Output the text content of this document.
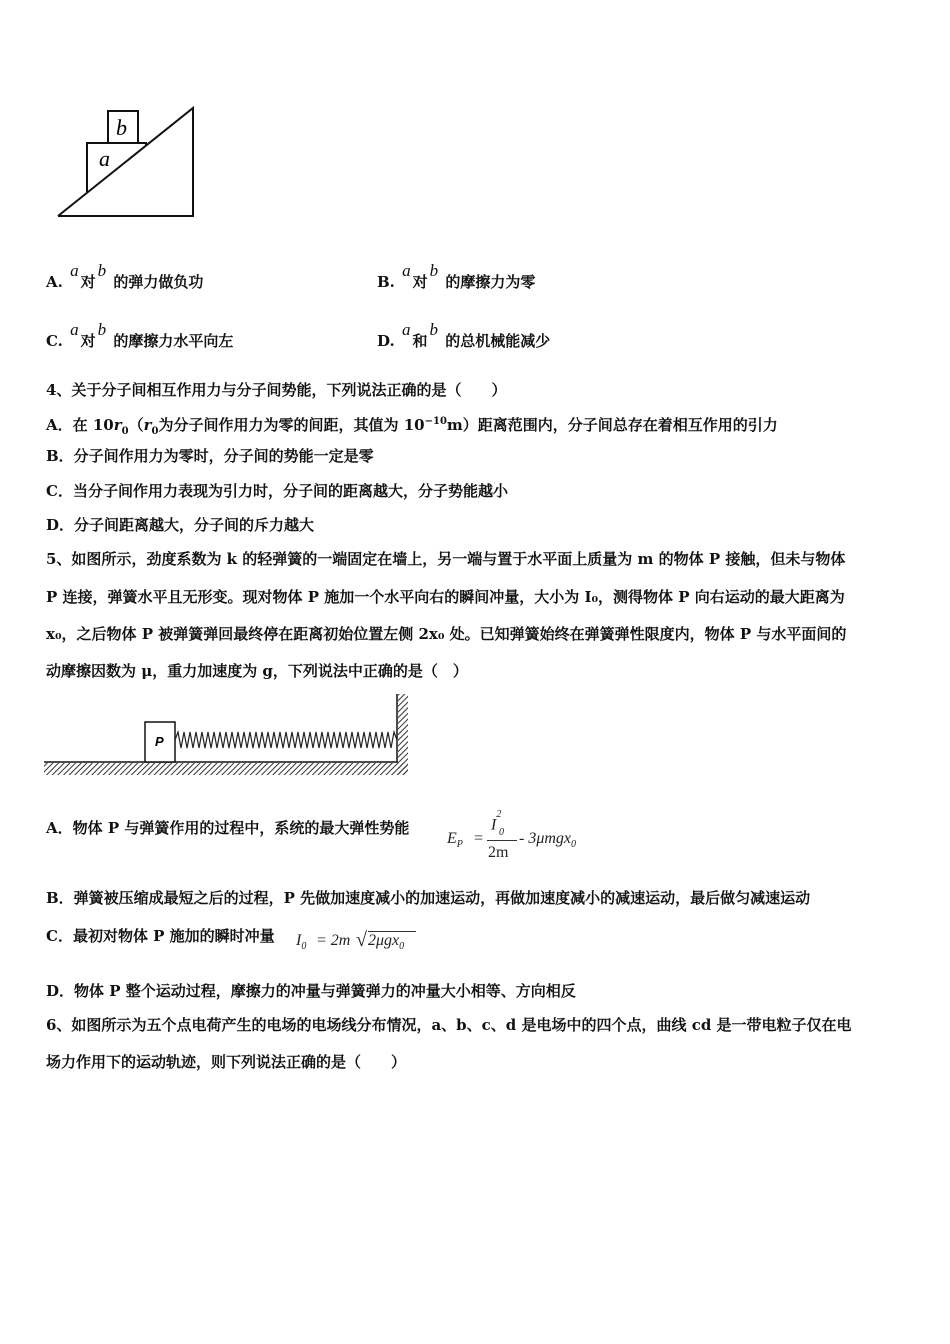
b
a
A. a对b 的弹力做负功	B. a对b 的摩擦力为零
C. a对b 的摩擦力水平向左	D. a和b 的总机械能减少
4、关于分子间相互作用力与分子间势能，下列说法正确的是（　　）
A．在 $10r_0(r_0$为分子间作用力为零的间距，其值为 $10^{-10}m$）距离范围内，分子间总存在着相互作用的引力
B．分子间作用力为零时，分子间的势能一定是零
C．当分子间作用力表现为引力时，分子间的距离越大，分子势能越小
D．分子间距离越大，分子间的斥力越大
5、如图所示，劲度系数为 k 的轻弹簧的一端固定在墙上，另一端与置于水平面上质量为 m 的物体 P 接触，但未与物体
P 连接，弹簧水平且无形变。现对物体 P 施加一个水平向右的瞬间冲量，大小为 I₀，测得物体 P 向右运动的最大距离为
x₀，之后物体 P 被弹簧弹回最终停在距离初始位置左侧 2x₀ 处。已知弹簧始终在弹簧弹性限度内，物体 P 与水平面间的
动摩擦因数为 μ，重力加速度为 g，下列说法中正确的是（　）
P
A．物体 P 与弹簧作用的过程中，系统的最大弹性势能
$E_P$ =
$I^2$
0
2m
- 3μmgx$_0$
B．弹簧被压缩成最短之后的过程，P 先做加速度减小的加速运动，再做加速度减小的减速运动，最后做匀减速运动
C．最初对物体 P 施加的瞬时冲量 $I_0 = 2m$ √ 2μgx$_0$
D．物体 P 整个运动过程，摩擦力的冲量与弹簧弹力的冲量大小相等、方向相反
6、如图所示为五个点电荷产生的电场的电场线分布情况，a、b、c、d 是电场中的四个点，曲线 cd 是一带电粒子仅在电
场力作用下的运动轨迹，则下列说法正确的是（　　）
